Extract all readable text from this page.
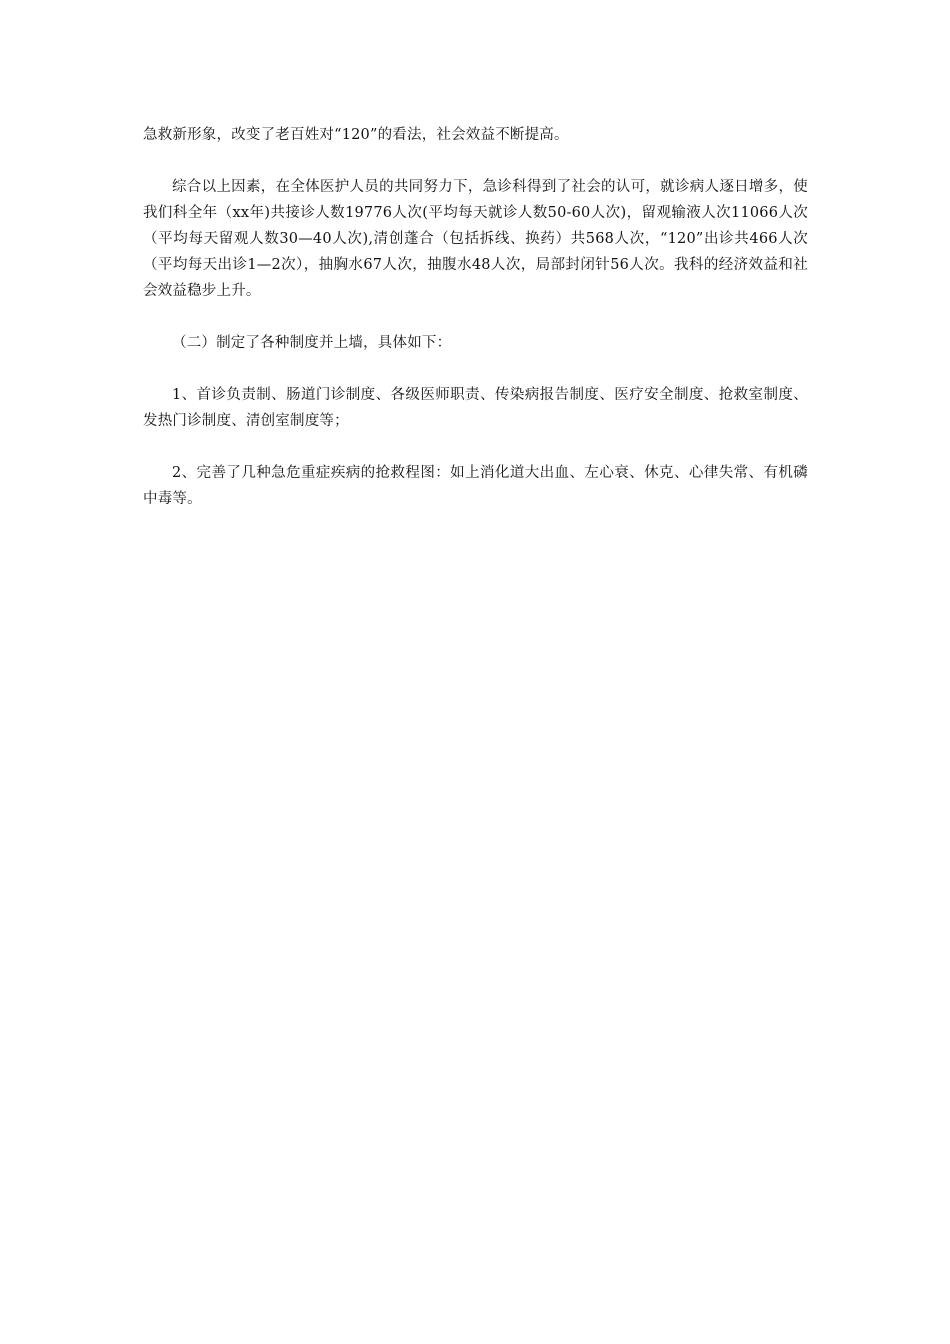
急救新形象，改变了老百姓对“120”的看法，社会效益不断提高。

综合以上因素，在全体医护人员的共同努力下，急诊科得到了社会的认可，就诊病人逐日增多，使我们科全年（xx年)共接诊人数19776人次(平均每天就诊人数50-60人次)，留观输液人次11066人次（平均每天留观人数30—40人次),清创蓬合（包括拆线、换药）共568人次，“120”出诊共466人次（平均每天出诊1—2次），抽胸水67人次，抽腹水48人次，局部封闭针56人次。我科的经济效益和社会效益稳步上升。

（二）制定了各种制度并上墙，具体如下：

1、首诊负责制、肠道门诊制度、各级医师职责、传染病报告制度、医疗安全制度、抢救室制度、发热门诊制度、清创室制度等；

2、完善了几种急危重症疾病的抢救程图：如上消化道大出血、左心衰、休克、心律失常、有机磷中毒等。
